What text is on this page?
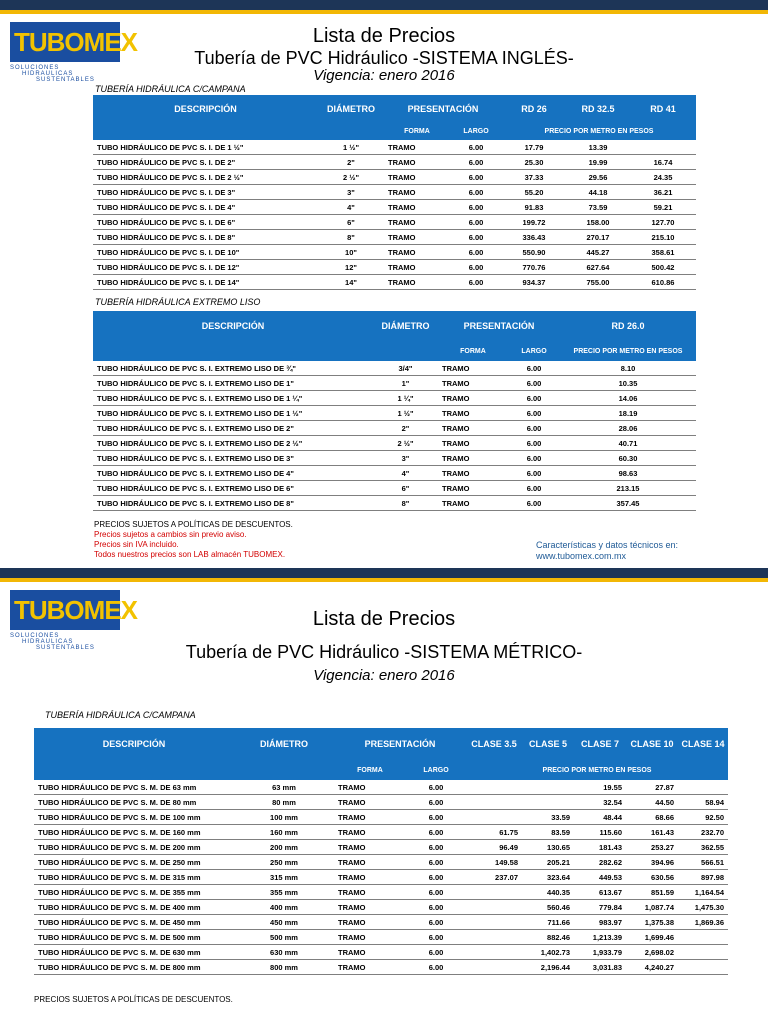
TUBOMEX
SOLUCIONES
HIDRAULICAS
SUSTENTABLES
Lista de Precios
Tubería de PVC Hidráulico -SISTEMA INGLÉS-
Vigencia: enero 2016
TUBERÍA HIDRÁULICA C/CAMPANA
DESCRIPCIÓN	DIÁMETRO	PRESENTACIÓN		RD 26	RD 32.5	RD 41
		FORMA	LARGO	PRECIO POR METRO EN PESOS		
TUBO HIDRÁULICO DE PVC S. I. DE 1 ½"	1 ½"	TRAMO	6.00	17.79	13.39	
TUBO HIDRÁULICO DE PVC S. I. DE 2"	2"	TRAMO	6.00	25.30	19.99	16.74
TUBO HIDRÁULICO DE PVC S. I. DE 2 ½"	2 ½"	TRAMO	6.00	37.33	29.56	24.35
TUBO HIDRÁULICO DE PVC S. I. DE 3"	3"	TRAMO	6.00	55.20	44.18	36.21
TUBO HIDRÁULICO DE PVC S. I. DE 4"	4"	TRAMO	6.00	91.83	73.59	59.21
TUBO HIDRÁULICO DE PVC S. I. DE 6"	6"	TRAMO	6.00	199.72	158.00	127.70
TUBO HIDRÁULICO DE PVC S. I. DE 8"	8"	TRAMO	6.00	336.43	270.17	215.10
TUBO HIDRÁULICO DE PVC S. I. DE 10"	10"	TRAMO	6.00	550.90	445.27	358.61
TUBO HIDRÁULICO DE PVC S. I. DE 12"	12"	TRAMO	6.00	770.76	627.64	500.42
TUBO HIDRÁULICO DE PVC S. I. DE 14"	14"	TRAMO	6.00	934.37	755.00	610.86
TUBERÍA HIDRÁULICA EXTREMO LISO
DESCRIPCIÓN	DIÁMETRO	PRESENTACIÓN		RD 26.0
		FORMA	LARGO	PRECIO POR METRO EN PESOS
TUBO HIDRÁULICO DE PVC S. I. EXTREMO LISO DE ¾"	3/4"	TRAMO	6.00	8.10
TUBO HIDRÁULICO DE PVC S. I. EXTREMO LISO DE 1"	1"	TRAMO	6.00	10.35
TUBO HIDRÁULICO DE PVC S. I. EXTREMO LISO DE 1 ¼"	1 ¼"	TRAMO	6.00	14.06
TUBO HIDRÁULICO DE PVC S. I. EXTREMO LISO DE 1 ½"	1 ½"	TRAMO	6.00	18.19
TUBO HIDRÁULICO DE PVC S. I. EXTREMO LISO DE 2"	2"	TRAMO	6.00	28.06
TUBO HIDRÁULICO DE PVC S. I. EXTREMO LISO DE 2 ½"	2 ½"	TRAMO	6.00	40.71
TUBO HIDRÁULICO DE PVC S. I. EXTREMO LISO DE 3"	3"	TRAMO	6.00	60.30
TUBO HIDRÁULICO DE PVC S. I. EXTREMO LISO DE 4"	4"	TRAMO	6.00	98.63
TUBO HIDRÁULICO DE PVC S. I. EXTREMO LISO DE 6"	6"	TRAMO	6.00	213.15
TUBO HIDRÁULICO DE PVC S. I. EXTREMO LISO DE 8"	8"	TRAMO	6.00	357.45
PRECIOS SUJETOS A POLÍTICAS DE DESCUENTOS.
Precios sujetos a cambios sin previo aviso.
Precios sin IVA incluido.
Todos nuestros precios son LAB almacén TUBOMEX.
Características y datos técnicos en:
www.tubomex.com.mx
TUBOMEX
SOLUCIONES
HIDRAULICAS
SUSTENTABLES
Lista de Precios
Tubería de PVC Hidráulico -SISTEMA MÉTRICO-
Vigencia: enero 2016
TUBERÍA HIDRÁULICA C/CAMPANA
DESCRIPCIÓN	DIÁMETRO	PRESENTACIÓN		CLASE 3.5	CLASE 5	CLASE 7	CLASE 10	CLASE 14
		FORMA	LARGO	PRECIO POR METRO EN PESOS				
TUBO HIDRÁULICO DE PVC S. M. DE 63 mm	63 mm	TRAMO	6.00			19.55	27.87	
TUBO HIDRÁULICO DE PVC S. M. DE 80 mm	80 mm	TRAMO	6.00			32.54	44.50	58.94
TUBO HIDRÁULICO DE PVC S. M. DE 100 mm	100 mm	TRAMO	6.00		33.59	48.44	68.66	92.50
TUBO HIDRÁULICO DE PVC S. M. DE 160 mm	160 mm	TRAMO	6.00	61.75	83.59	115.60	161.43	232.70
TUBO HIDRÁULICO DE PVC S. M. DE 200 mm	200 mm	TRAMO	6.00	96.49	130.65	181.43	253.27	362.55
TUBO HIDRÁULICO DE PVC S. M. DE 250 mm	250 mm	TRAMO	6.00	149.58	205.21	282.62	394.96	566.51
TUBO HIDRÁULICO DE PVC S. M. DE 315 mm	315 mm	TRAMO	6.00	237.07	323.64	449.53	630.56	897.98
TUBO HIDRÁULICO DE PVC S. M. DE 355 mm	355 mm	TRAMO	6.00		440.35	613.67	851.59	1,164.54
TUBO HIDRÁULICO DE PVC S. M. DE 400 mm	400 mm	TRAMO	6.00		560.46	779.84	1,087.74	1,475.30
TUBO HIDRÁULICO DE PVC S. M. DE 450 mm	450 mm	TRAMO	6.00		711.66	983.97	1,375.38	1,869.36
TUBO HIDRÁULICO DE PVC S. M. DE 500 mm	500 mm	TRAMO	6.00		882.46	1,213.39	1,699.46	
TUBO HIDRÁULICO DE PVC S. M. DE 630 mm	630 mm	TRAMO	6.00		1,402.73	1,933.79	2,698.02	
TUBO HIDRÁULICO DE PVC S. M. DE 800 mm	800 mm	TRAMO	6.00		2,196.44	3,031.83	4,240.27	
PRECIOS SUJETOS A POLÍTICAS DE DESCUENTOS.
